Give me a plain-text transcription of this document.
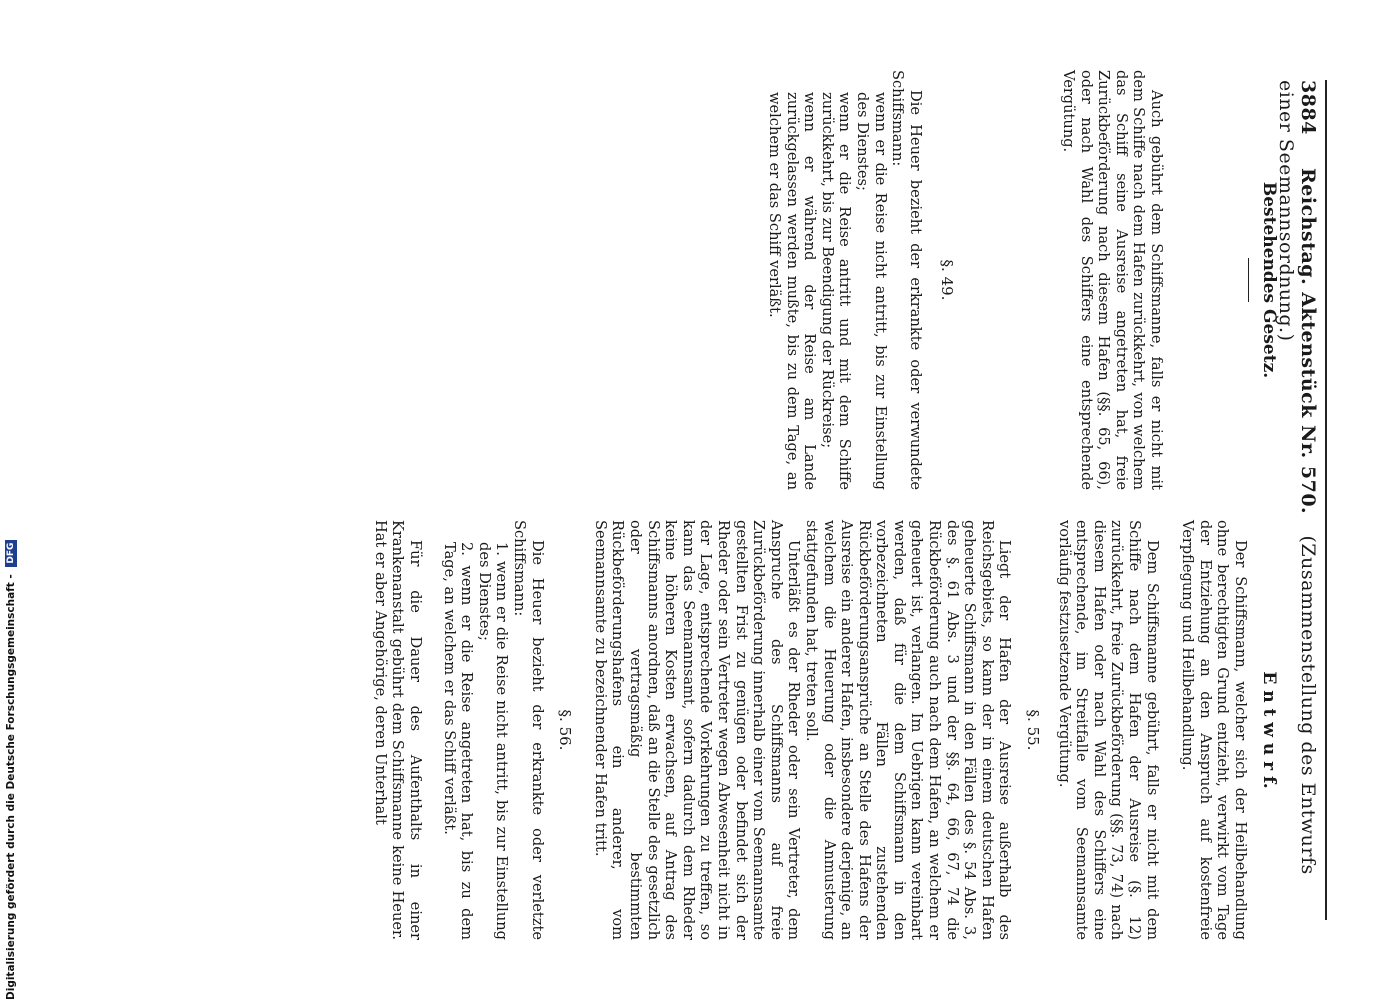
3884 Reichstag. Aktenstück Nr. 570.   (Zusammenstellung des Entwurfs einer Seemannsordnung.)
Bestehendes Gesetz.
E n t w u r f.

Auch gebührt dem Schiffsmanne, falls er nicht mit dem Schiffe nach dem Hafen zurückkehrt, von welchem das Schiff seine Ausreise angetreten hat, freie Zurückbeförderung nach diesem Hafen (§§. 65, 66), oder nach Wahl des Schiffers eine entsprechende Vergütung.

§. 49.

Die Heuer bezieht der erkrankte oder verwundete Schiffsmann:

wenn er die Reise nicht antritt, bis zur Einstellung des Dienstes;

wenn er die Reise antritt und mit dem Schiffe zurückkehrt, bis zur Beendigung der Rückreise;

wenn er während der Reise am Lande zurückgelassen werden mußte, bis zu dem Tage, an welchem er das Schiff verläßt.

Der Schiffsmann, welcher sich der Heilbehandlung ohne berechtigten Grund entzieht, verwirkt vom Tage der Entziehung an den Anspruch auf kostenfreie Verpflegung und Heilbehandlung.

Dem Schiffsmanne gebührt, falls er nicht mit dem Schiffe nach dem Hafen der Ausreise (§. 12) zurückkehrt, freie Zurückbeförderung (§§. 73, 74) nach diesem Hafen oder nach Wahl des Schiffers eine entsprechende, im Streitfalle vom Seemannsamte vorläufig festzusetzende Vergütung.

§. 55.

Liegt der Hafen der Ausreise außerhalb des Reichsgebiets, so kann der in einem deutschen Hafen geheuerte Schiffsmann in den Fällen des §. 54 Abs. 3, des §. 61 Abs. 3 und der §§. 64, 66, 67, 74 die Rückbeförderung auch nach dem Hafen, an welchem er geheuert ist, verlangen. Im Uebrigen kann vereinbart werden, daß für die dem Schiffsmann in den vorbezeichneten Fällen zustehenden Rückbeförderungsansprüche an Stelle des Hafens der Ausreise ein anderer Hafen, insbesondere derjenige, an welchem die Heuerung oder die Anmusterung stattgefunden hat, treten soll.

Unterläßt es der Rheder oder sein Vertreter, dem Anspruche des Schiffsmanns auf freie Zurückbeförderung innerhalb einer vom Seemannsamte gestellten Frist zu genügen oder befindet sich der Rheder oder sein Vertreter wegen Abwesenheit nicht in der Lage, entsprechende Vorkehrungen zu treffen, so kann das Seemannsamt, sofern dadurch dem Rheder keine höheren Kosten erwachsen, auf Antrag des Schiffsmanns anordnen, daß an die Stelle des gesetzlich oder vertragsmäßig bestimmten Rückbeförderungshafens ein anderer, vom Seemannsamte zu bezeichnender Hafen tritt.

§. 56.

Die Heuer bezieht der erkrankte oder verletzte Schiffsmann:

1. wenn er die Reise nicht antritt, bis zur Einstellung des Dienstes;

2. wenn er die Reise angetreten hat, bis zu dem Tage, an welchem er das Schiff verläßt.

Für die Dauer des Aufenthalts in einer Krankenanstalt gebührt dem Schiffsmanne keine Heuer. Hat er aber Angehörige, deren Unterhalt

Digitalisierung gefördert durch die Deutsche Forschungsgemeinschaft - DFG
